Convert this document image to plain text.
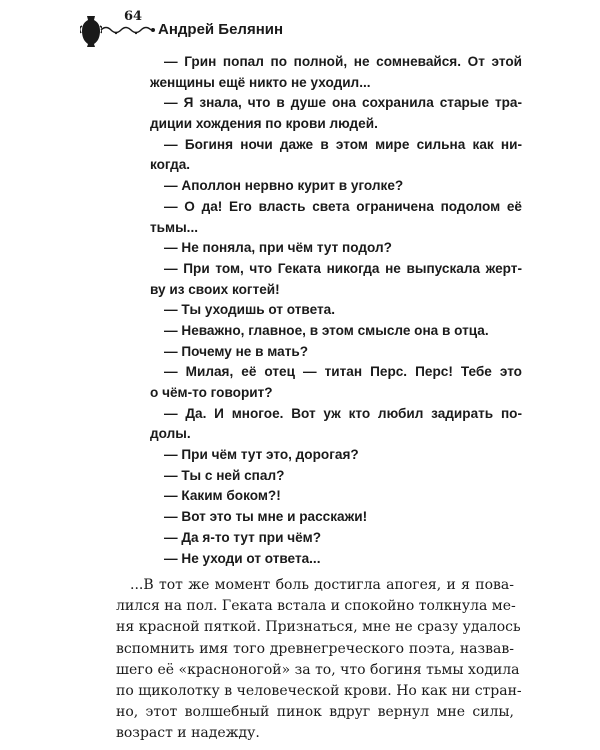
64
Андрей Белянин
— Грин попал по полной, не сомневайся. От этой
женщины ещё никто не уходил...
— Я знала, что в душе она сохранила старые тра-
диции хождения по крови людей.
— Богиня ночи даже в этом мире сильна как ни-
когда.
— Аполлон нервно курит в уголке?
— О да! Его власть света ограничена подолом её
тьмы...
— Не поняла, при чём тут подол?
— При том, что Геката никогда не выпускала жерт-
ву из своих когтей!
— Ты уходишь от ответа.
— Неважно, главное, в этом смысле она в отца.
— Почему не в мать?
— Милая, её отец — титан Перс. Перс! Тебе это
о чём-то говорит?
— Да. И многое. Вот уж кто любил задирать по-
долы.
— При чём тут это, дорогая?
— Ты с ней спал?
— Каким боком?!
— Вот это ты мне и расскажи!
— Да я-то тут при чём?
— Не уходи от ответа...
...В тот же момент боль достигла апогея, и я пова-
лился на пол. Геката встала и спокойно толкнула ме-
ня красной пяткой. Признаться, мне не сразу удалось
вспомнить имя того древнегреческого поэта, назвав-
шего её «красноногой» за то, что богиня тьмы ходила
по щиколотку в человеческой крови. Но как ни стран-
но, этот волшебный пинок вдруг вернул мне силы,
возраст и надежду.
